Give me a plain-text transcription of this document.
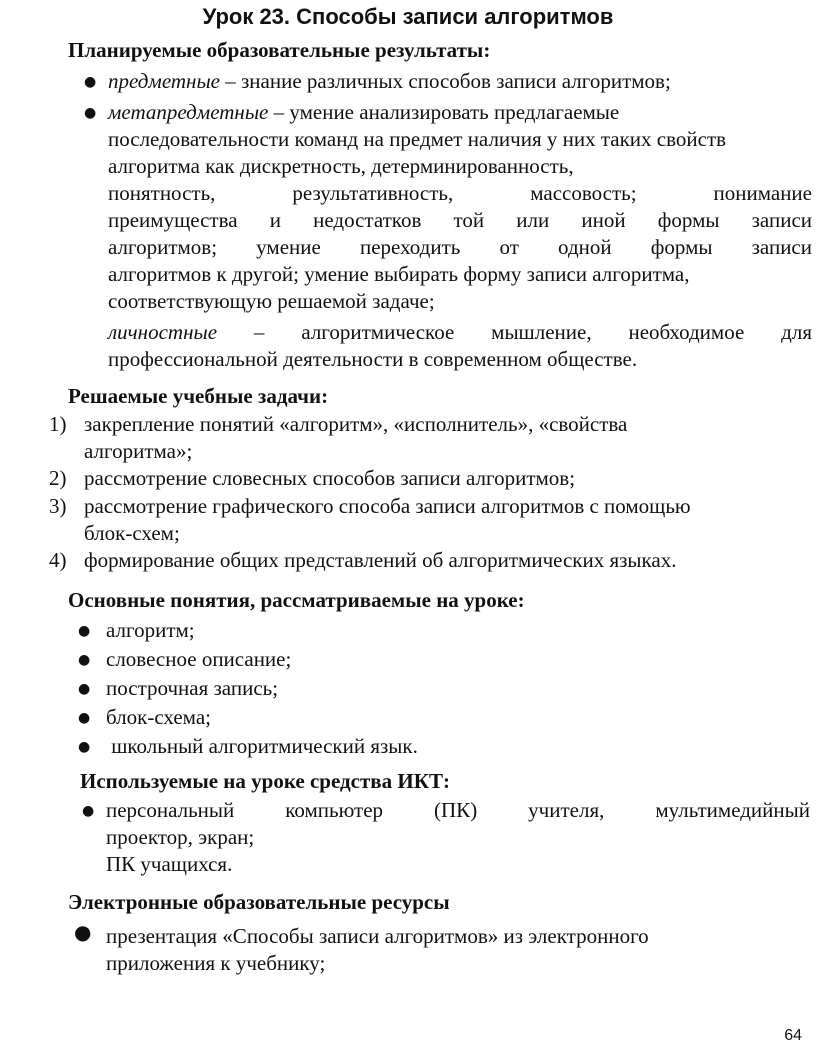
Урок 23. Способы записи алгоритмов
Планируемые образовательные результаты:
● предметные – знание различных способов записи алгоритмов;

● метапредметные – умение анализировать предлагаемые
последовательности команд на предмет наличия у них таких свойств
алгоритма как дискретность, детерминированность,
понятность, результативность, массовость; понимание
преимущества и недостатков той или иной формы записи
алгоритмов; умение переходить от одной формы записи
алгоритмов к другой; умение выбирать форму записи алгоритма,
соответствующую решаемой задаче;
личностные – алгоритмическое мышление, необходимое для
профессиональной деятельности в современном обществе.
Решаемые учебные задачи:
1) закрепление понятий «алгоритм», «исполнитель», «свойства
алгоритма»;
2) рассмотрение словесных способов записи алгоритмов;
3) рассмотрение графического способа записи алгоритмов с помощью
блок-схем;
4) формирование общих представлений об алгоритмических языках.
Основные понятия, рассматриваемые на уроке:
● алгоритм;
● словесное описание;
● построчная запись;
● блок-схема;
● школьный алгоритмический язык.
Используемые на уроке средства ИКТ:
● персональный компьютер (ПК) учителя, мультимедийный
проектор, экран;
ПК учащихся.
Электронные образовательные ресурсы
● презентация «Способы записи алгоритмов» из электронного
приложения к учебнику;
64
